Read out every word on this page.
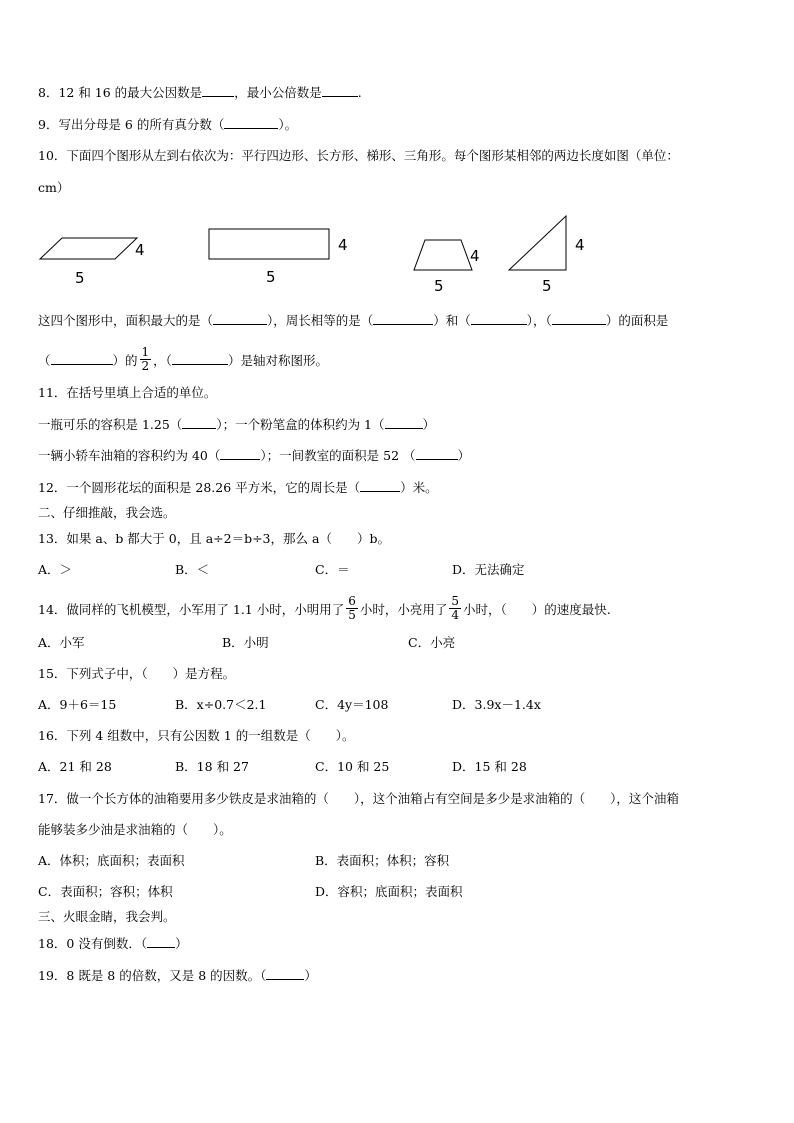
8．12 和 16 的最大公因数是	，最小公倍数是	.
9．写出分母是 6 的所有真分数（	）。
10．下面四个图形从左到右依次为：平行四边形、长方形、梯形、三角形。每个图形某相邻的两边长度如图（单位：
cm）
4
5
4
5
4
5
4
5
这四个图形中，面积最大的是（	），周长相等的是（	）和（	），（	）的面积是
（	）的 $\frac{1}{2}$ ，（	）是轴对称图形。
11．在括号里填上合适的单位。
一瓶可乐的容积是 1.25（	）；一个粉笔盒的体积约为 1（	）
一辆小轿车油箱的容积约为 40（	）；一间教室的面积是 52 （	）
12．一个圆形花坛的面积是 28.26 平方米，它的周长是（	）米。
二、仔细推敲，我会选。
13．如果 a、b 都大于 0，且 a÷2＝b÷3，那么 a（　　）b。
A．＞	B．＜	C．＝	D．无法确定
14．做同样的飞机模型，小军用了 1.1 小时，小明用了 $\frac{6}{5}$ 小时，小亮用了 $\frac{5}{4}$ 小时，（　　）的速度最快.
A．小军	B．小明	C．小亮
15．下列式子中，（　　）是方程。
A．9＋6＝15	B．x÷0.7＜2.1	C．4y＝108	D．3.9x－1.4x
16．下列 4 组数中，只有公因数 1 的一组数是（　　）。
A．21 和 28	B．18 和 27	C．10 和 25	D．15 和 28
17．做一个长方体的油箱要用多少铁皮是求油箱的（　　），这个油箱占有空间是多少是求油箱的（　　），这个油箱
能够装多少油是求油箱的（　　）。
A．体积；底面积；表面积	B．表面积；体积；容积
C．表面积；容积；体积	D．容积；底面积；表面积
三、火眼金睛，我会判。
18．0 没有倒数．（ ）
19．8 既是 8 的倍数，又是 8 的因数。（	）
